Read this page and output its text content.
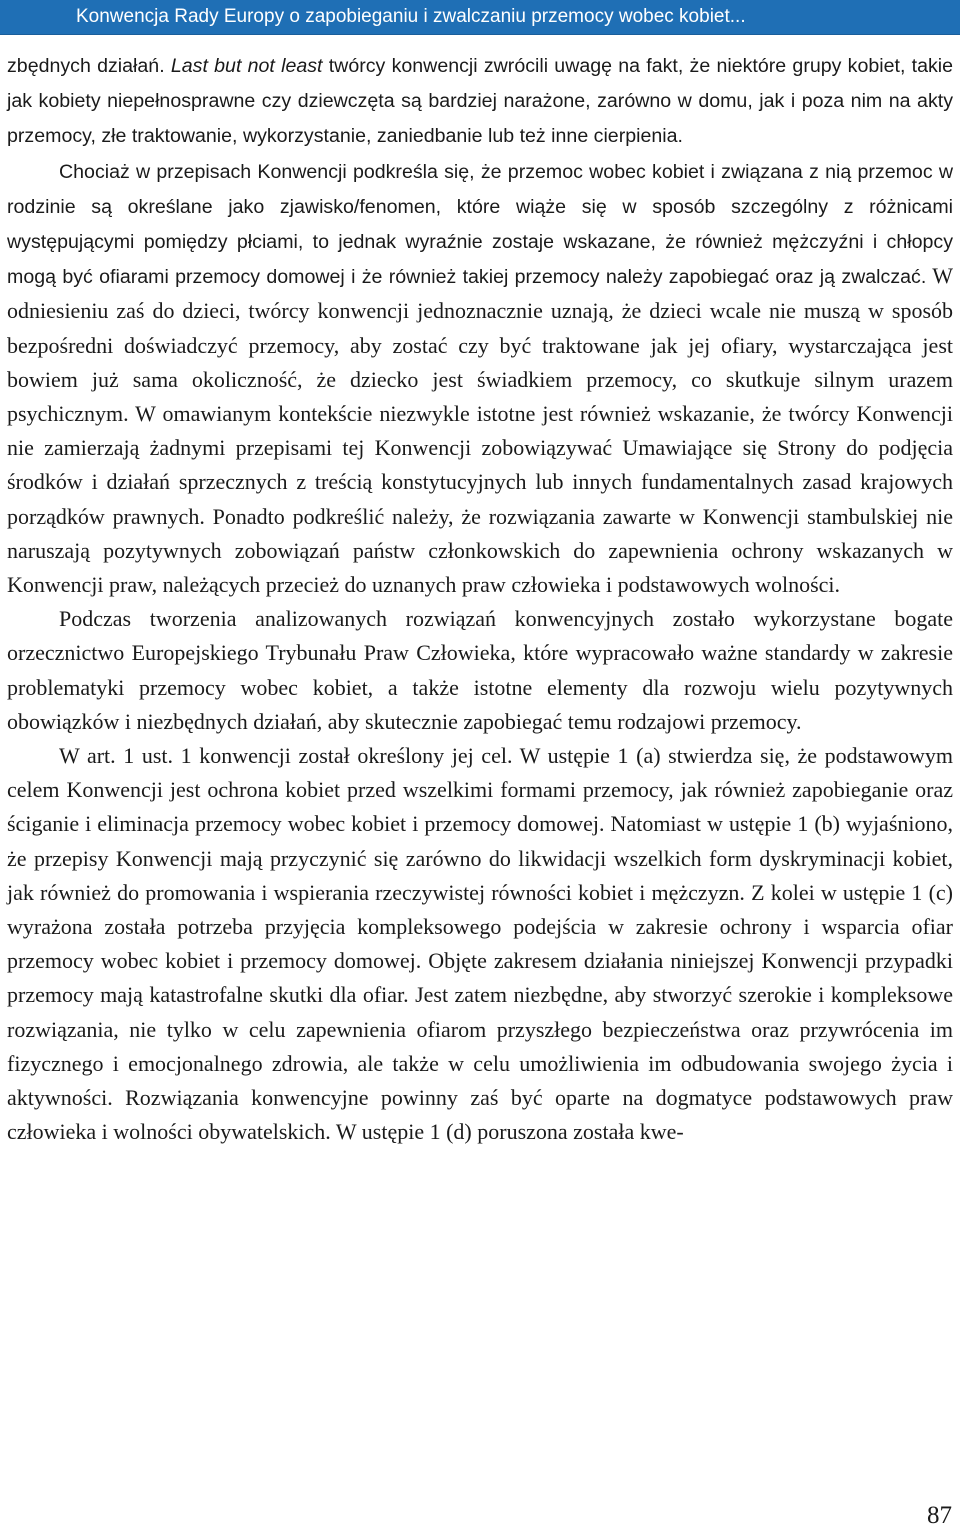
Konwencja Rady Europy o zapobieganiu i zwalczaniu przemocy wobec kobiet...

zbędnych działań. Last but not least twórcy konwencji zwrócili uwagę na fakt, że niektóre grupy kobiet, takie jak kobiety niepełnosprawne czy dziewczęta są bardziej narażone, zarówno w domu, jak i poza nim na akty przemocy, złe traktowanie, wykorzystanie, zaniedbanie lub też inne cierpienia.

Chociaż w przepisach Konwencji podkreśla się, że przemoc wobec kobiet i związana z nią przemoc w rodzinie są określane jako zjawisko/fenomen, które wiąże się w sposób szczególny z różnicami występującymi pomiędzy płciami, to jednak wyraźnie zostaje wskazane, że również mężczyźni i chłopcy mogą być ofiarami przemocy domowej i że również takiej przemocy należy zapobiegać oraz ją zwalczać. W odniesieniu zaś do dzieci, twórcy konwencji jednoznacznie uznają, że dzieci wcale nie muszą w sposób bezpośredni doświadczyć przemocy, aby zostać czy być traktowane jak jej ofiary, wystarczająca jest bowiem już sama okoliczność, że dziecko jest świadkiem przemocy, co skutkuje silnym urazem psychicznym. W omawianym kontekście niezwykle istotne jest również wskazanie, że twórcy Konwencji nie zamierzają żadnymi przepisami tej Konwencji zobowiązywać Umawiające się Strony do podjęcia środków i działań sprzecznych z treścią konstytucyjnych lub innych fundamentalnych zasad krajowych porządków prawnych. Ponadto podkreślić należy, że rozwiązania zawarte w Konwencji stambulskiej nie naruszają pozytywnych zobowiązań państw członkowskich do zapewnienia ochrony wskazanych w Konwencji praw, należących przecież do uznanych praw człowieka i podstawowych wolności.

Podczas tworzenia analizowanych rozwiązań konwencyjnych zostało wykorzystane bogate orzecznictwo Europejskiego Trybunału Praw Człowieka, które wypracowało ważne standardy w zakresie problematyki przemocy wobec kobiet, a także istotne elementy dla rozwoju wielu pozytywnych obowiązków i niezbędnych działań, aby skutecznie zapobiegać temu rodzajowi przemocy.

W art. 1 ust. 1 konwencji został określony jej cel. W ustępie 1 (a) stwierdza się, że podstawowym celem Konwencji jest ochrona kobiet przed wszelkimi formami przemocy, jak również zapobieganie oraz ściganie i eliminacja przemocy wobec kobiet i przemocy domowej. Natomiast w ustępie 1 (b) wyjaśniono, że przepisy Konwencji mają przyczynić się zarówno do likwidacji wszelkich form dyskryminacji kobiet, jak również do promowania i wspierania rzeczywistej równości kobiet i mężczyzn. Z kolei w ustępie 1 (c) wyrażona została potrzeba przyjęcia kompleksowego podejścia w zakresie ochrony i wsparcia ofiar przemocy wobec kobiet i przemocy domowej. Objęte zakresem działania niniejszej Konwencji przypadki przemocy mają katastrofalne skutki dla ofiar. Jest zatem niezbędne, aby stworzyć szerokie i kompleksowe rozwiązania, nie tylko w celu zapewnienia ofiarom przyszłego bezpieczeństwa oraz przywrócenia im fizycznego i emocjonalnego zdrowia, ale także w celu umożliwienia im odbudowania swojego życia i aktywności. Rozwiązania konwencyjne powinny zaś być oparte na dogmatyce podstawowych praw człowieka i wolności obywatelskich. W ustępie 1 (d) poruszona została kwe-

87
